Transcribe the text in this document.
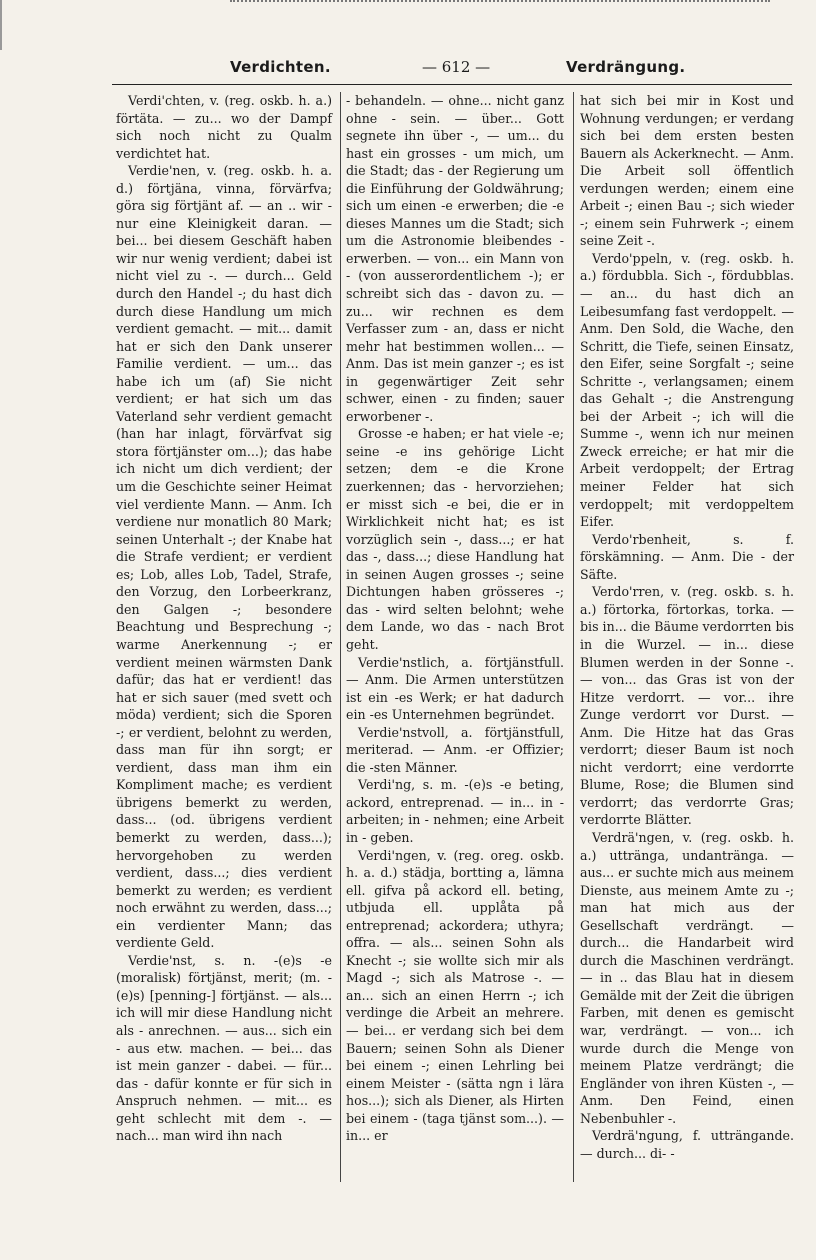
Verdichten.	— 612 —	Verdrängung.

Verdi'chten, v. (reg. oskb. h. a.) förtäta. — zu... wo der Dampf sich noch nicht zu Qualm verdichtet hat.

Verdie'nen, v. (reg. oskb. h. a. d.) förtjäna, vinna, förvärfva; göra sig förtjänt af. — an .. wir - nur eine Kleinigkeit daran. — bei... bei diesem Geschäft haben wir nur wenig verdient; dabei ist nicht viel zu -. — durch... Geld durch den Handel -; du hast dich durch diese Handlung um mich verdient gemacht. — mit... damit hat er sich den Dank unserer Familie verdient. — um... das habe ich um (af) Sie nicht verdient; er hat sich um das Vaterland sehr verdient gemacht (han har inlagt, förvärfvat sig stora förtjänster om...); das habe ich nicht um dich verdient; der um die Geschichte seiner Heimat viel verdiente Mann. — Anm. Ich verdiene nur monatlich 80 Mark; seinen Unterhalt -; der Knabe hat die Strafe verdient; er verdient es; Lob, alles Lob, Tadel, Strafe, den Vorzug, den Lorbeerkranz, den Galgen -; besondere Beachtung und Besprechung -; warme Anerkennung -; er verdient meinen wärmsten Dank dafür; das hat er verdient! das hat er sich sauer (med svett och möda) verdient; sich die Sporen -; er verdient, belohnt zu werden, dass man für ihn sorgt; er verdient, dass man ihm ein Kompliment mache; es verdient übrigens bemerkt zu werden, dass... (od. übrigens verdient bemerkt zu werden, dass...); hervorgehoben zu werden verdient, dass...; dies verdient bemerkt zu werden; es verdient noch erwähnt zu werden, dass...; ein verdienter Mann; das verdiente Geld.

Verdie'nst, s. n. -(e)s -e (moralisk) förtjänst, merit; (m. -(e)s) [penning-] förtjänst. — als... ich will mir diese Handlung nicht als - anrechnen. — aus... sich ein - aus etw. machen. — bei... das ist mein ganzer - dabei. — für... das - dafür konnte er für sich in Anspruch nehmen. — mit... es geht schlecht mit dem -. — nach... man wird ihn nach

- behandeln. — ohne... nicht ganz ohne - sein. — über... Gott segnete ihn über -, — um... du hast ein grosses - um mich, um die Stadt; das - der Regierung um die Einführung der Goldwährung; sich um einen -e erwerben; die -e dieses Mannes um die Stadt; sich um die Astronomie bleibendes - erwerben. — von... ein Mann von - (von ausserordentlichem -); er schreibt sich das - davon zu. — zu... wir rechnen es dem Verfasser zum - an, dass er nicht mehr hat bestimmen wollen... — Anm. Das ist mein ganzer -; es ist in gegenwärtiger Zeit sehr schwer, einen - zu finden; sauer erworbener -.

Grosse -e haben; er hat viele -e; seine -e ins gehörige Licht setzen; dem -e die Krone zuerkennen; das - hervorziehen; er misst sich -e bei, die er in Wirklichkeit nicht hat; es ist vorzüglich sein -, dass...; er hat das -, dass...; diese Handlung hat in seinen Augen grosses -; seine Dichtungen haben grösseres -; das - wird selten belohnt; wehe dem Lande, wo das - nach Brot geht.

Verdie'nstlich, a. förtjänstfull. — Anm. Die Armen unterstützen ist ein -es Werk; er hat dadurch ein -es Unternehmen begründet.

Verdie'nstvoll, a. förtjänstfull, meriterad. — Anm. -er Offizier; die -sten Männer.

Verdi'ng, s. m. -(e)s -e beting, ackord, entreprenad. — in... in - arbeiten; in - nehmen; eine Arbeit in - geben.

Verdi'ngen, v. (reg. oreg. oskb. h. a. d.) städja, bortting a, lämna ell. gifva på ackord ell. beting, utbjuda ell. upplåta på entreprenad; ackordera; uthyra; offra. — als... seinen Sohn als Knecht -; sie wollte sich mir als Magd -; sich als Matrose -. — an... sich an einen Herrn -; ich verdinge die Arbeit an mehrere. — bei... er verdang sich bei dem Bauern; seinen Sohn als Diener bei einem -; einen Lehrling bei einem Meister - (sätta ngn i lära hos...); sich als Diener, als Hirten bei einem - (taga tjänst som...). — in... er

hat sich bei mir in Kost und Wohnung verdungen; er verdang sich bei dem ersten besten Bauern als Ackerknecht. — Anm. Die Arbeit soll öffentlich verdungen werden; einem eine Arbeit -; einen Bau -; sich wieder -; einem sein Fuhrwerk -; einem seine Zeit -.

Verdo'ppeln, v. (reg. oskb. h. a.) fördubbla. Sich -, fördubblas. — an... du hast dich an Leibesumfang fast verdoppelt. — Anm. Den Sold, die Wache, den Schritt, die Tiefe, seinen Einsatz, den Eifer, seine Sorgfalt -; seine Schritte -, verlangsamen; einem das Gehalt -; die Anstrengung bei der Arbeit -; ich will die Summe -, wenn ich nur meinen Zweck erreiche; er hat mir die Arbeit verdoppelt; der Ertrag meiner Felder hat sich verdoppelt; mit verdoppeltem Eifer.

Verdo'rbenheit, s. f. förskämning. — Anm. Die - der Säfte.

Verdo'rren, v. (reg. oskb. s. h. a.) förtorka, förtorkas, torka. — bis in... die Bäume verdorrten bis in die Wurzel. — in... diese Blumen werden in der Sonne -. — von... das Gras ist von der Hitze verdorrt. — vor... ihre Zunge verdorrt vor Durst. — Anm. Die Hitze hat das Gras verdorrt; dieser Baum ist noch nicht verdorrt; eine verdorrte Blume, Rose; die Blumen sind verdorrt; das verdorrte Gras; verdorrte Blätter.

Verdrä'ngen, v. (reg. oskb. h. a.) uttränga, undantränga. — aus... er suchte mich aus meinem Dienste, aus meinem Amte zu -; man hat mich aus der Gesellschaft verdrängt. — durch... die Handarbeit wird durch die Maschinen verdrängt. — in .. das Blau hat in diesem Gemälde mit der Zeit die übrigen Farben, mit denen es gemischt war, verdrängt. — von... ich wurde durch die Menge von meinem Platze verdrängt; die Engländer von ihren Küsten -, — Anm. Den Feind, einen Nebenbuhler -.

Verdrä'ngung, f. utträngande. — durch... di- -
